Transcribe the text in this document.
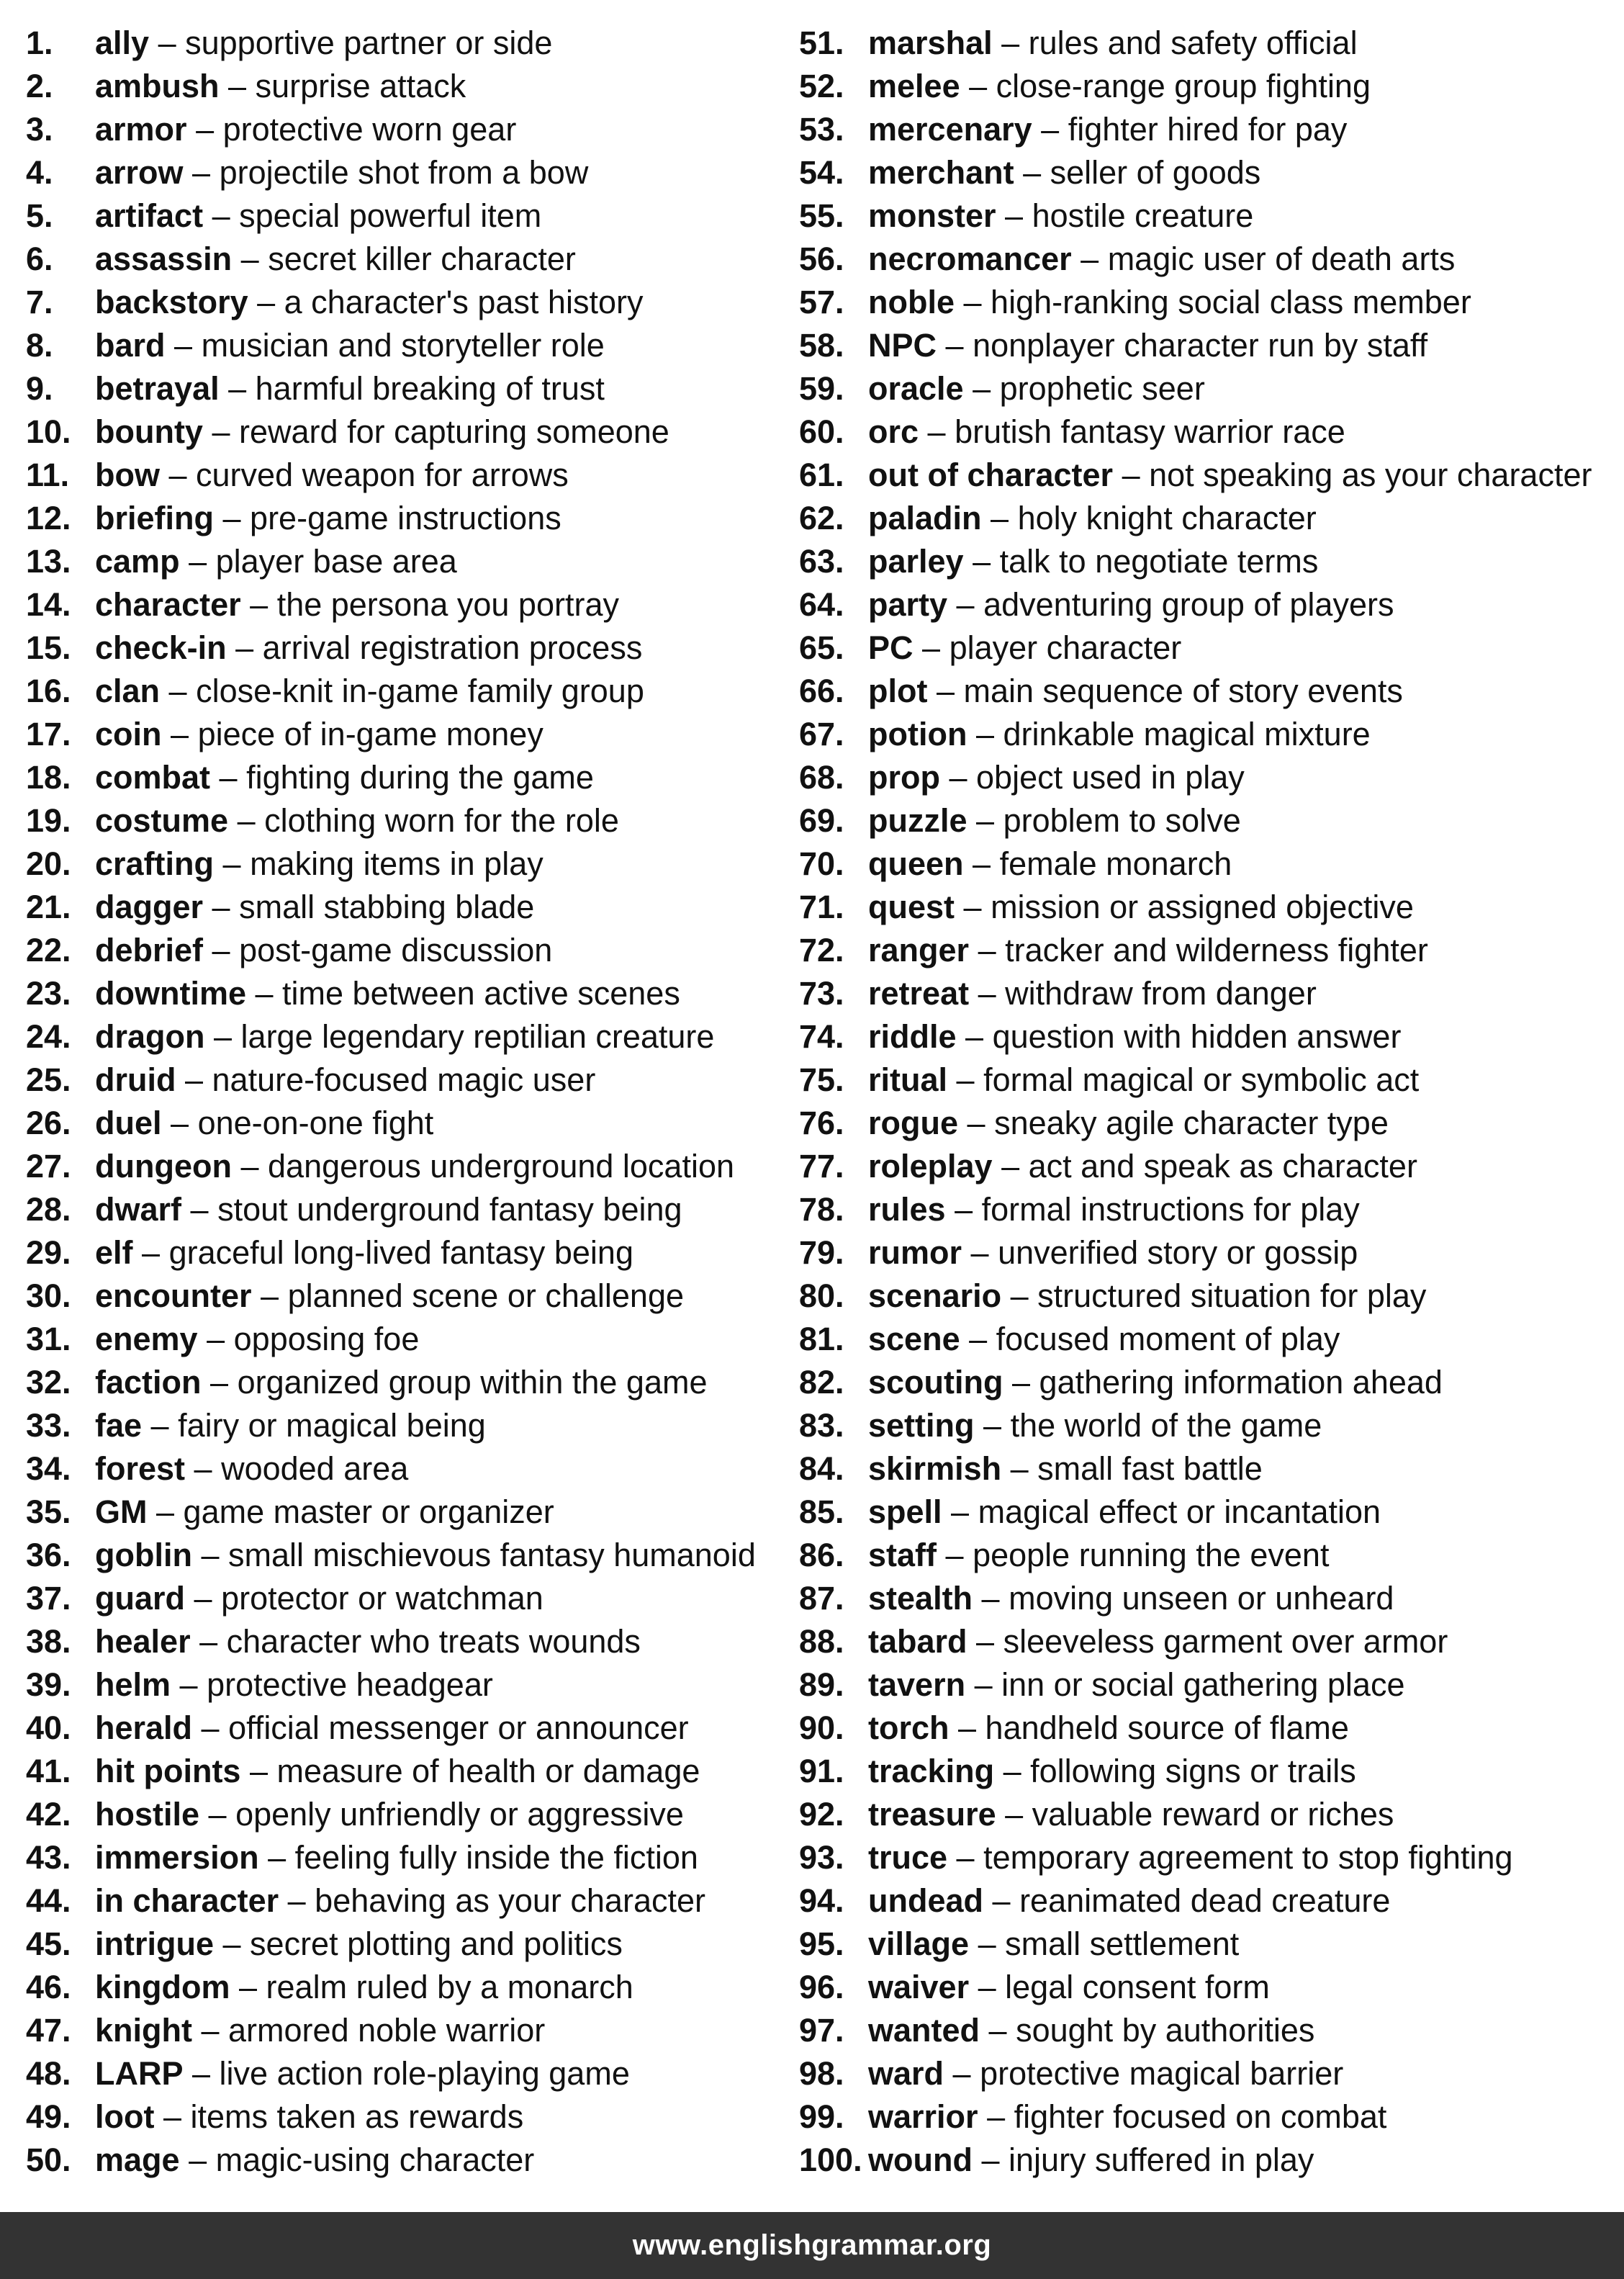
1.	ally – supportive partner or side
2.	ambush – surprise attack
3.	armor – protective worn gear
4.	arrow – projectile shot from a bow
5.	artifact – special powerful item
6.	assassin – secret killer character
7.	backstory – a character's past history
8.	bard – musician and storyteller role
9.	betrayal – harmful breaking of trust
10. bounty – reward for capturing someone
11. bow – curved weapon for arrows
12. briefing – pre-game instructions
13. camp – player base area
14. character – the persona you portray
15. check-in – arrival registration process
16. clan – close-knit in-game family group
17. coin – piece of in-game money
18. combat – fighting during the game
19. costume – clothing worn for the role
20. crafting – making items in play
21. dagger – small stabbing blade
22. debrief – post-game discussion
23. downtime – time between active scenes
24. dragon – large legendary reptilian creature
25. druid – nature-focused magic user
26. duel – one-on-one fight
27. dungeon – dangerous underground location
28. dwarf – stout underground fantasy being
29. elf – graceful long-lived fantasy being
30. encounter – planned scene or challenge
31. enemy – opposing foe
32. faction – organized group within the game
33. fae – fairy or magical being
34. forest – wooded area
35. GM – game master or organizer
36. goblin – small mischievous fantasy humanoid
37. guard – protector or watchman
38. healer – character who treats wounds
39. helm – protective headgear
40. herald – official messenger or announcer
41. hit points – measure of health or damage
42. hostile – openly unfriendly or aggressive
43. immersion – feeling fully inside the fiction
44. in character – behaving as your character
45. intrigue – secret plotting and politics
46. kingdom – realm ruled by a monarch
47. knight – armored noble warrior
48. LARP – live action role-playing game
49. loot – items taken as rewards
50. mage – magic-using character
51. marshal – rules and safety official
52. melee – close-range group fighting
53. mercenary – fighter hired for pay
54. merchant – seller of goods
55. monster – hostile creature
56. necromancer – magic user of death arts
57. noble – high-ranking social class member
58. NPC – nonplayer character run by staff
59. oracle – prophetic seer
60. orc – brutish fantasy warrior race
61. out of character – not speaking as your character
62. paladin – holy knight character
63. parley – talk to negotiate terms
64. party – adventuring group of players
65. PC – player character
66. plot – main sequence of story events
67. potion – drinkable magical mixture
68. prop – object used in play
69. puzzle – problem to solve
70. queen – female monarch
71. quest – mission or assigned objective
72. ranger – tracker and wilderness fighter
73. retreat – withdraw from danger
74. riddle – question with hidden answer
75. ritual – formal magical or symbolic act
76. rogue – sneaky agile character type
77. roleplay – act and speak as character
78. rules – formal instructions for play
79. rumor – unverified story or gossip
80. scenario – structured situation for play
81. scene – focused moment of play
82. scouting – gathering information ahead
83. setting – the world of the game
84. skirmish – small fast battle
85. spell – magical effect or incantation
86. staff – people running the event
87. stealth – moving unseen or unheard
88. tabard – sleeveless garment over armor
89. tavern – inn or social gathering place
90. torch – handheld source of flame
91. tracking – following signs or trails
92. treasure – valuable reward or riches
93. truce – temporary agreement to stop fighting
94. undead – reanimated dead creature
95. village – small settlement
96. waiver – legal consent form
97. wanted – sought by authorities
98. ward – protective magical barrier
99. warrior – fighter focused on combat
100. wound – injury suffered in play
www.englishgrammar.org
